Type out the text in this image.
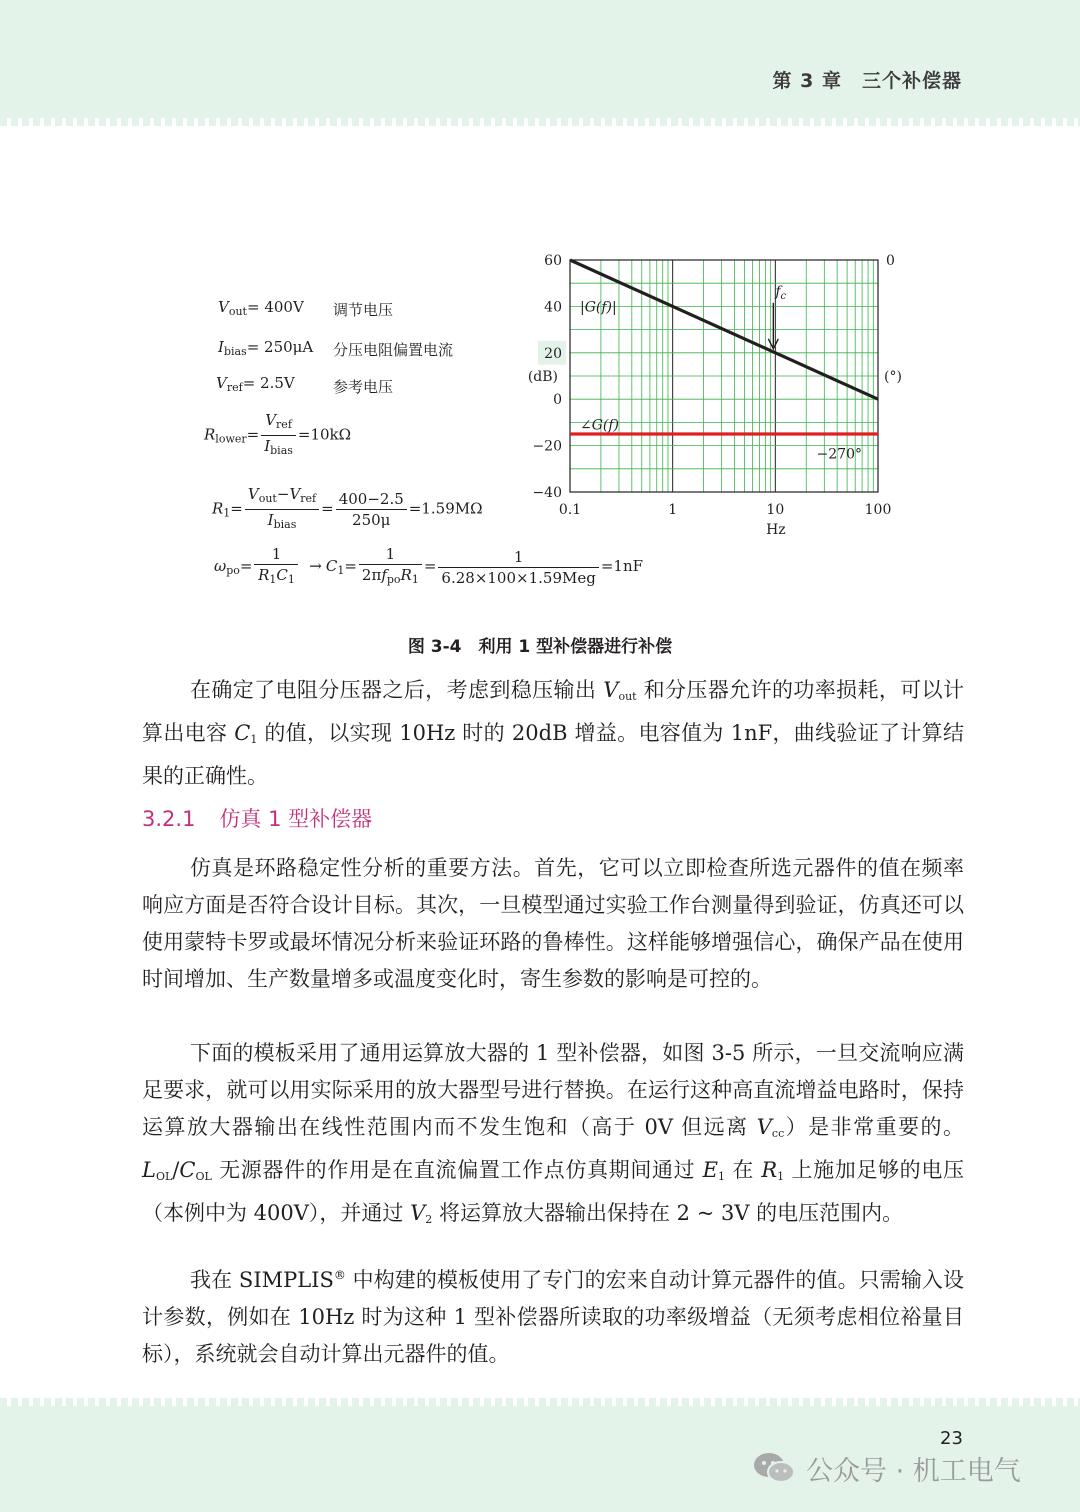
第 3 章　三个补偿器
$V_{out}= 400V$ 调节电压
$I_{bias}= 250\mu A$ 分压电阻偏置电流
$V_{ref}= 2.5V$	参考电压
$R_{lower}= \frac{V_{ref}}{I_{bias}} =10k\Omega$
$R_1= \frac{V_{out}-V_{ref}}{I_{bias}} = \frac{400-2.5}{250\mu} =1.59M\Omega$
$\omega_{po}= \frac{1}{R_1C_1} \to C_1= \frac{1}{2\pi f_{po}R_1} = \frac{1}{\text{6.28×100×1.59Meg}} =1nF$
60
40
20
0
−20
−40
(dB)
0
(°)
0.1	1	10	100
Hz
|G(f)|
∠G(f)
−270°
$f_c$
图 3-4　利用 1 型补偿器进行补偿

在确定了电阻分压器之后，考虑到稳压输出 $V_{out}$ 和分压器允许的功率损耗，可以计算出电容 $C_1$ 的值，以实现 10Hz 时的 20dB 增益。电容值为 1nF，曲线验证了计算结果的正确性。

3.2.1 仿真 1 型补偿器

仿真是环路稳定性分析的重要方法。首先，它可以立即检查所选元器件的值在频率响应方面是否符合设计目标。其次，一旦模型通过实验工作台测量得到验证，仿真还可以使用蒙特卡罗或最坏情况分析来验证环路的鲁棒性。这样能够增强信心，确保产品在使用时间增加、生产数量增多或温度变化时，寄生参数的影响是可控的。

下面的模板采用了通用运算放大器的 1 型补偿器，如图 3-5 所示，一旦交流响应满足要求，就可以用实际采用的放大器型号进行替换。在运行这种高直流增益电路时，保持运算放大器输出在线性范围内而不发生饱和（高于 0V 但远离 $V_{cc}$）是非常重要的。$L_{OL}/C_{OL}$ 无源器件的作用是在直流偏置工作点仿真期间通过 $E_1$ 在 $R_1$ 上施加足够的电压（本例中为 400V），并通过 $V_2$ 将运算放大器输出保持在 2 ~ 3V 的电压范围内。

我在 SIMPLIS® 中构建的模板使用了专门的宏来自动计算元器件的值。只需输入设计参数，例如在 10Hz 时为这种 1 型补偿器所读取的功率级增益（无须考虑相位裕量目标），系统就会自动计算出元器件的值。

23
公众号 · 机工电气
